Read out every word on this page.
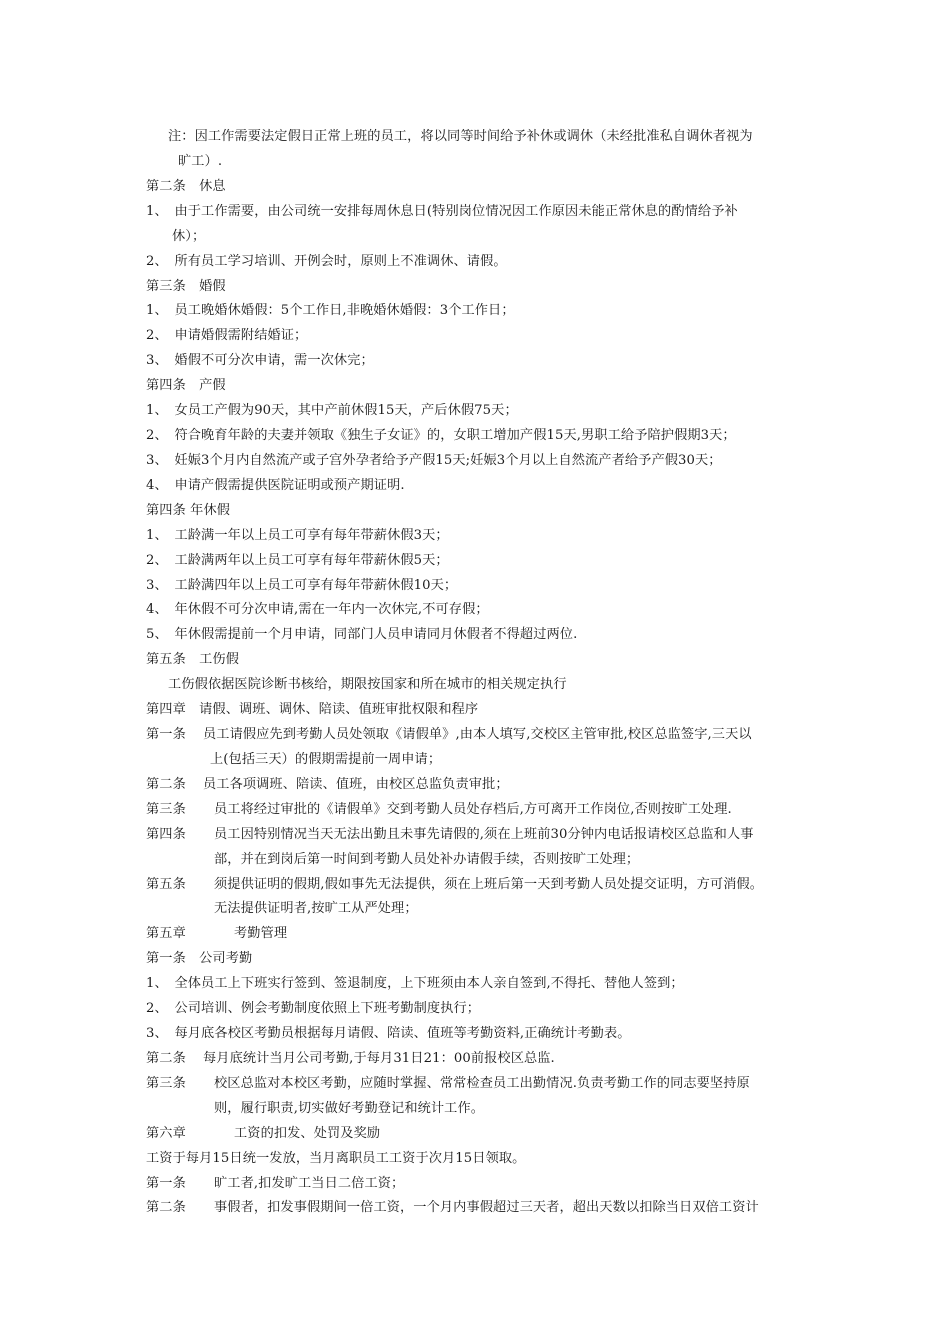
注：因工作需要法定假日正常上班的员工，将以同等时间给予补休或调休（未经批准私自调休者视为
旷工）.
第二条　休息
1、　由于工作需要，由公司统一安排每周休息日(特别岗位情况因工作原因未能正常休息的酌情给予补
休）；
2、　所有员工学习培训、开例会时，原则上不准调休、请假。
第三条　婚假
1、　员工晚婚休婚假：5个工作日,非晚婚休婚假：3个工作日；
2、　申请婚假需附结婚证；
3、　婚假不可分次申请，需一次休完；
第四条　产假
1、　女员工产假为90天，其中产前休假15天，产后休假75天；
2、　符合晚育年龄的夫妻并领取《独生子女证》的，女职工增加产假15天,男职工给予陪护假期3天；
3、　妊娠3个月内自然流产或子宫外孕者给予产假15天;妊娠3个月以上自然流产者给予产假30天；
4、　申请产假需提供医院证明或预产期证明.
第四条 年休假
1、　工龄满一年以上员工可享有每年带薪休假3天；
2、　工龄满两年以上员工可享有每年带薪休假5天；
3、　工龄满四年以上员工可享有每年带薪休假10天；
4、　年休假不可分次申请,需在一年内一次休完,不可存假；
5、　年休假需提前一个月申请，同部门人员申请同月休假者不得超过两位.
第五条　工伤假
工伤假依据医院诊断书核给，期限按国家和所在城市的相关规定执行
第四章　请假、调班、调休、陪读、值班审批权限和程序
第一条 员工请假应先到考勤人员处领取《请假单》,由本人填写,交校区主管审批,校区总监签字,三天以
上(包括三天）的假期需提前一周申请；
第二条 员工各项调班、陪读、值班，由校区总监负责审批；
第三条 员工将经过审批的《请假单》交到考勤人员处存档后,方可离开工作岗位,否则按旷工处理.
第四条 员工因特别情况当天无法出勤且未事先请假的,须在上班前30分钟内电话报请校区总监和人事
部，并在到岗后第一时间到考勤人员处补办请假手续，否则按旷工处理；
第五条 须提供证明的假期,假如事先无法提供，须在上班后第一天到考勤人员处提交证明，方可消假。
无法提供证明者,按旷工从严处理；
第五章	考勤管理
第一条　公司考勤
1、　全体员工上下班实行签到、签退制度，上下班须由本人亲自签到,不得托、替他人签到；
2、　公司培训、例会考勤制度依照上下班考勤制度执行；
3、　每月底各校区考勤员根据每月请假、陪读、值班等考勤资料,正确统计考勤表。
第二条 每月底统计当月公司考勤,于每月31日21：00前报校区总监.
第三条 校区总监对本校区考勤，应随时掌握、常常检查员工出勤情况.负责考勤工作的同志要坚持原
则，履行职责,切实做好考勤登记和统计工作。
第六章	工资的扣发、处罚及奖励
工资于每月15日统一发放，当月离职员工工资于次月15日领取。
第一条 旷工者,扣发旷工当日二倍工资；
第二条 事假者，扣发事假期间一倍工资，一个月内事假超过三天者，超出天数以扣除当日双倍工资计
